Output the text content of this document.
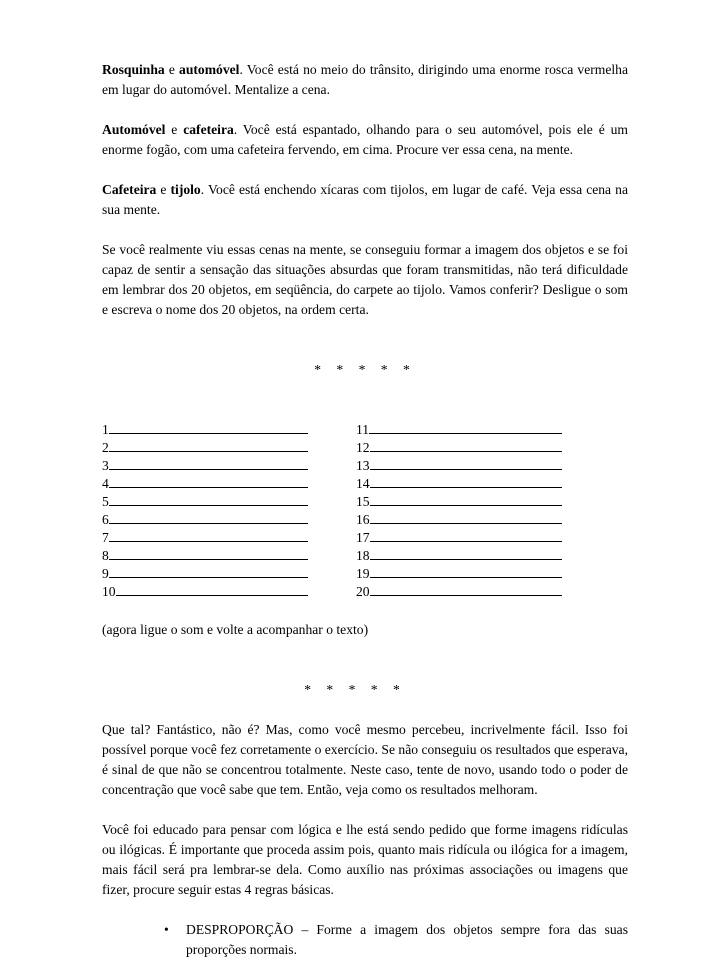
Rosquinha e automóvel. Você está no meio do trânsito, dirigindo uma enorme rosca vermelha em lugar do automóvel. Mentalize a cena.

Automóvel e cafeteira. Você está espantado, olhando para o seu automóvel, pois ele é um enorme fogão, com uma cafeteira fervendo, em cima. Procure ver essa cena, na mente.

Cafeteira e tijolo. Você está enchendo xícaras com tijolos, em lugar de café. Veja essa cena na sua mente.

Se você realmente viu essas cenas na mente, se conseguiu formar a imagem dos objetos e se foi capaz de sentir a sensação das situações absurdas que foram transmitidas, não terá dificuldade em lembrar dos 20 objetos, em seqüência, do carpete ao tijolo. Vamos conferir? Desligue o som e escreva o nome dos 20 objetos, na ordem certa.

* * * * *
1
2
3
4
5
6
7
8
9
10
11
12
13
14
15
16
17
18
19
20

(agora ligue o som e volte a acompanhar o texto)

* * * * *

Que tal? Fantástico, não é? Mas, como você mesmo percebeu, incrivelmente fácil. Isso foi possível porque você fez corretamente o exercício. Se não conseguiu os resultados que esperava, é sinal de que não se concentrou totalmente. Neste caso, tente de novo, usando todo o poder de concentração que você sabe que tem. Então, veja como os resultados melhoram.

Você foi educado para pensar com lógica e lhe está sendo pedido que forme imagens ridículas ou ilógicas. É importante que proceda assim pois, quanto mais ridícula ou ilógica for a imagem, mais fácil será pra lembrar-se dela. Como auxílio nas próximas associações ou imagens que fizer, procure seguir estas 4 regras básicas.

• DESPROPORÇÃO – Forme a imagem dos objetos sempre fora das suas proporções normais.
